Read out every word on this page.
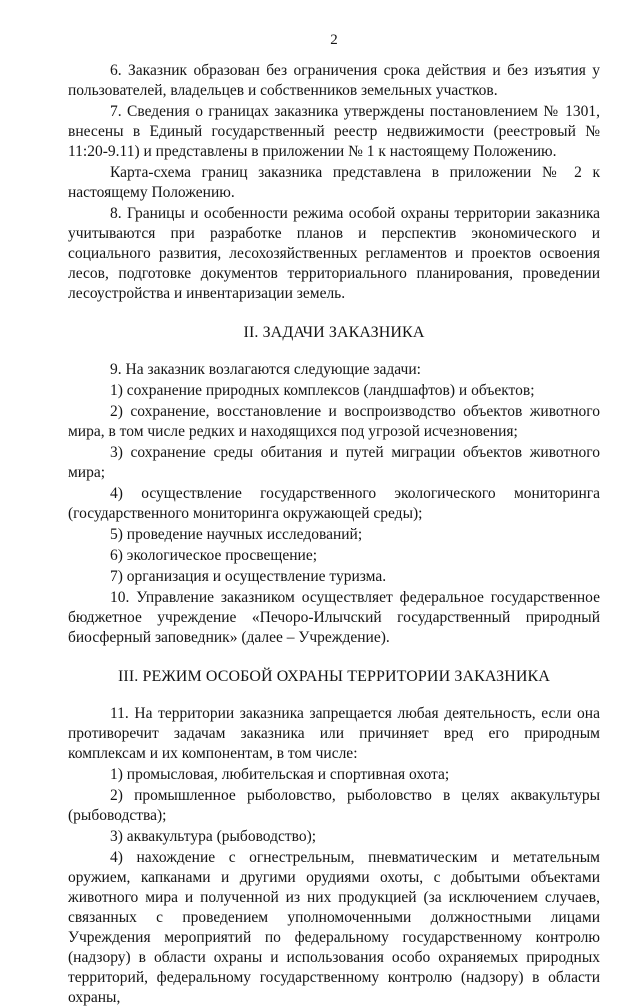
2

6. Заказник образован без ограничения срока действия и без изъятия у пользователей, владельцев и собственников земельных участков.

7. Сведения о границах заказника утверждены постановлением № 1301, внесены в Единый государственный реестр недвижимости (реестровый № 11:20-9.11) и представлены в приложении № 1 к настоящему Положению.

Карта-схема границ заказника представлена в приложении № 2 к настоящему Положению.

8. Границы и особенности режима особой охраны территории заказника учитываются при разработке планов и перспектив экономического и социального развития, лесохозяйственных регламентов и проектов освоения лесов, подготовке документов территориального планирования, проведении лесоустройства и инвентаризации земель.

II. ЗАДАЧИ ЗАКАЗНИКА

9. На заказник возлагаются следующие задачи:

1) сохранение природных комплексов (ландшафтов) и объектов;

2) сохранение, восстановление и воспроизводство объектов животного мира, в том числе редких и находящихся под угрозой исчезновения;

3) сохранение среды обитания и путей миграции объектов животного мира;

4) осуществление государственного экологического мониторинга (государственного мониторинга окружающей среды);

5) проведение научных исследований;

6) экологическое просвещение;

7) организация и осуществление туризма.

10. Управление заказником осуществляет федеральное государственное бюджетное учреждение «Печоро-Илычский государственный природный биосферный заповедник» (далее – Учреждение).

III. РЕЖИМ ОСОБОЙ ОХРАНЫ ТЕРРИТОРИИ ЗАКАЗНИКА

11. На территории заказника запрещается любая деятельность, если она противоречит задачам заказника или причиняет вред его природным комплексам и их компонентам, в том числе:

1) промысловая, любительская и спортивная охота;

2) промышленное рыболовство, рыболовство в целях аквакультуры (рыбоводства);

3) аквакультура (рыбоводство);

4) нахождение с огнестрельным, пневматическим и метательным оружием, капканами и другими орудиями охоты, с добытыми объектами животного мира и полученной из них продукцией (за исключением случаев, связанных с проведением уполномоченными должностными лицами Учреждения мероприятий по федеральному государственному контролю (надзору) в области охраны и использования особо охраняемых природных территорий, федеральному государственному контролю (надзору) в области охраны,
